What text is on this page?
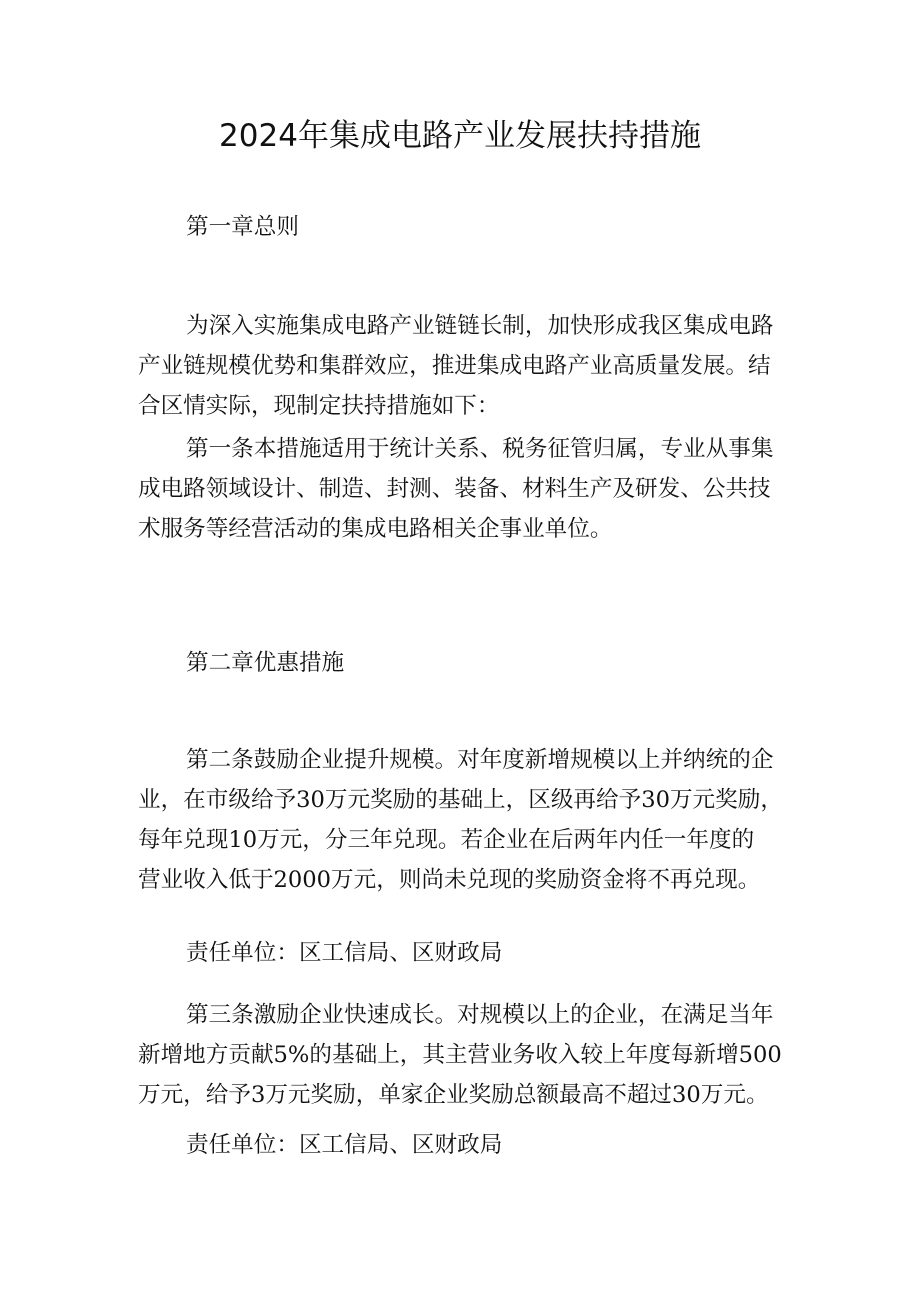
2024年集成电路产业发展扶持措施

第一章总则

为深入实施集成电路产业链链长制，加快形成我区集成电路
产业链规模优势和集群效应，推进集成电路产业高质量发展。结
合区情实际，现制定扶持措施如下：
第一条本措施适用于统计关系、税务征管归属，专业从事集
成电路领域设计、制造、封测、装备、材料生产及研发、公共技
术服务等经营活动的集成电路相关企事业单位。

第二章优惠措施

第二条鼓励企业提升规模。对年度新增规模以上并纳统的企
业，在市级给予30万元奖励的基础上，区级再给予30万元奖励，
每年兑现10万元，分三年兑现。若企业在后两年内任一年度的
营业收入低于2000万元，则尚未兑现的奖励资金将不再兑现。

责任单位：区工信局、区财政局

第三条激励企业快速成长。对规模以上的企业，在满足当年
新增地方贡献5%的基础上，其主营业务收入较上年度每新增500
万元，给予3万元奖励，单家企业奖励总额最高不超过30万元。

责任单位：区工信局、区财政局
